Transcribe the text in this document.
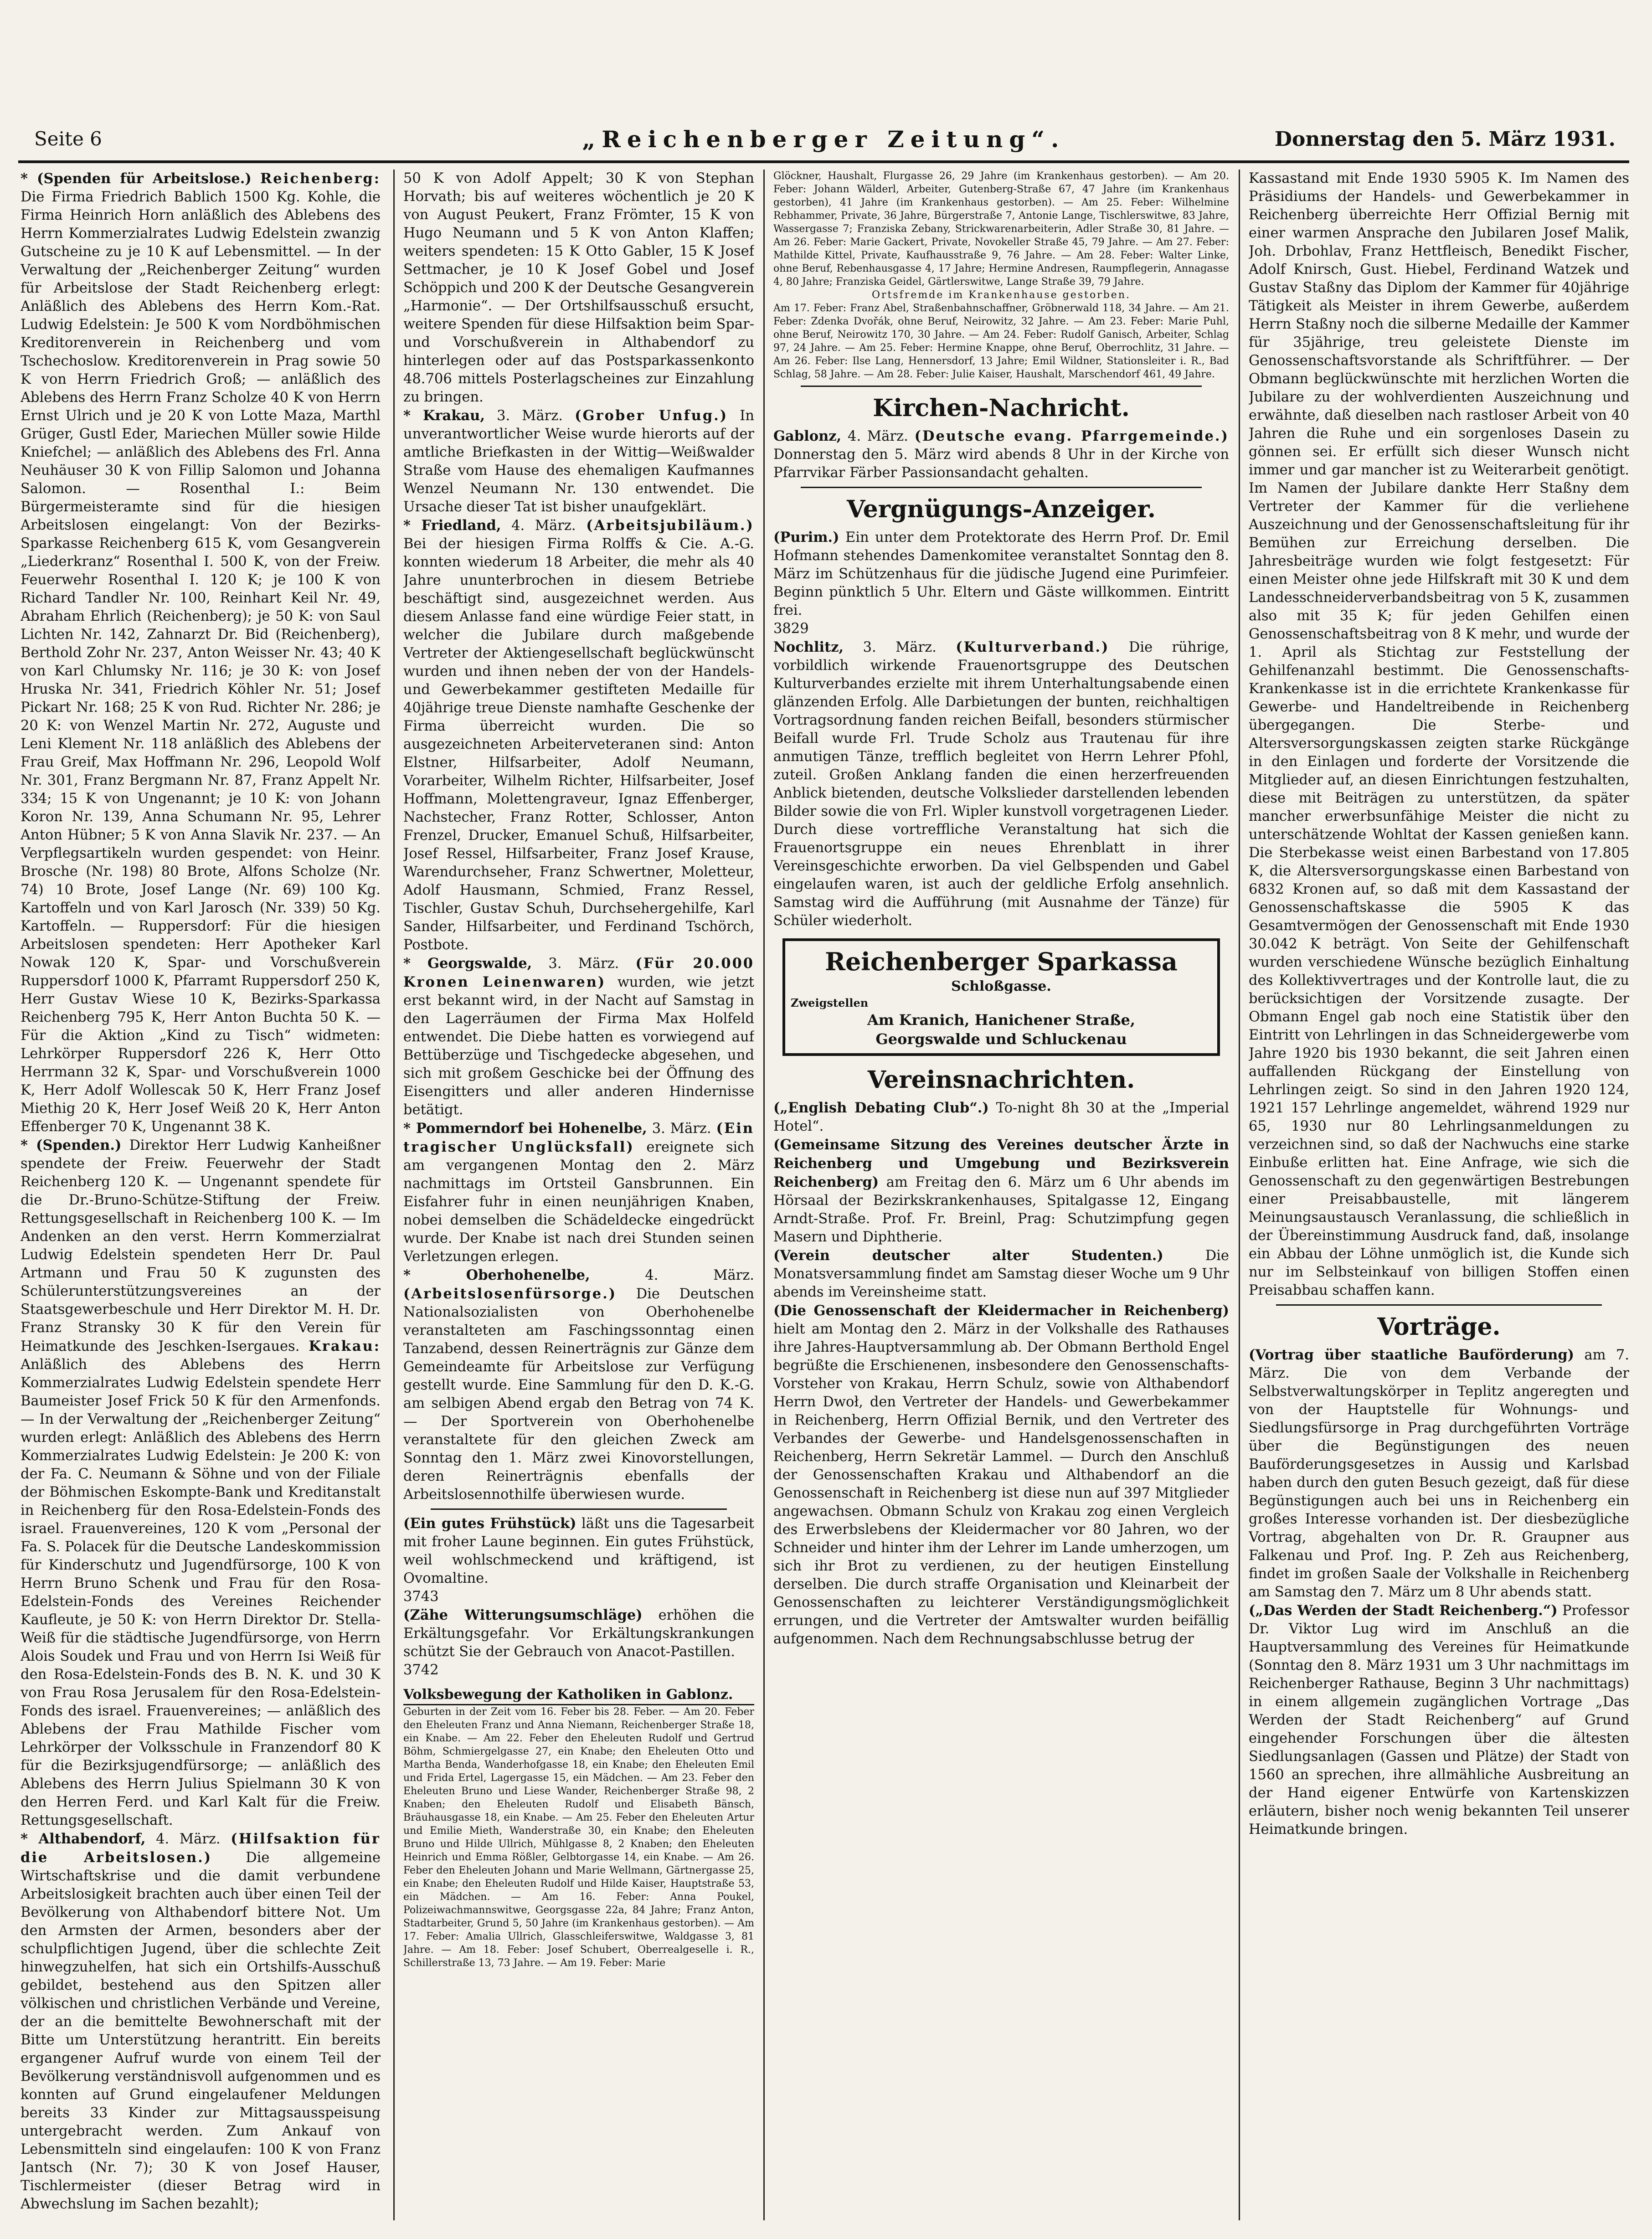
Seite 6	„Reichenberger Zeitung“.	Donnerstag den 5. März 1931.

* (Spenden für Arbeitslose.) Reichenberg: Die Firma Friedrich Bablich 1500 Kg. Kohle, die Firma Heinrich Horn anläßlich des Ablebens des Herrn Kommerzialrates Ludwig Edelstein zwanzig Gutscheine zu je 10 K auf Lebensmittel. — In der Verwaltung der „Reichenberger Zeitung“ wurden für Arbeitslose der Stadt Reichenberg erlegt: Anläßlich des Ablebens des Herrn Kom.-Rat. Ludwig Edelstein: Je 500 K vom Nordböhmischen Kreditorenverein in Reichenberg und vom Tschechoslow. Kreditorenverein in Prag sowie 50 K von Herrn Friedrich Groß; — anläßlich des Ablebens des Herrn Franz Scholze 40 K von Herrn Ernst Ulrich und je 20 K von Lotte Maza, Marthl Grüger, Gustl Eder, Mariechen Müller sowie Hilde Kniefchel; — anläßlich des Ablebens des Frl. Anna Neuhäuser 30 K von Fillip Salomon und Johanna Salomon. — Rosenthal I.: Beim Bürgermeisteramte sind für die hiesigen Arbeitslosen eingelangt: Von der Bezirks-Sparkasse Reichenberg 615 K, vom Gesangverein „Liederkranz“ Rosenthal I. 500 K, von der Freiw. Feuerwehr Rosenthal I. 120 K; je 100 K von Richard Tandler Nr. 100, Reinhart Keil Nr. 49, Abraham Ehrlich (Reichenberg); je 50 K: von Saul Lichten Nr. 142, Zahnarzt Dr. Bid (Reichenberg), Berthold Zohr Nr. 237, Anton Weisser Nr. 43; 40 K von Karl Chlumsky Nr. 116; je 30 K: von Josef Hruska Nr. 341, Friedrich Köhler Nr. 51; Josef Pickart Nr. 168; 25 K von Rud. Richter Nr. 286; je 20 K: von Wenzel Martin Nr. 272, Auguste und Leni Klement Nr. 118 anläßlich des Ablebens der Frau Greif, Max Hoffmann Nr. 296, Leopold Wolf Nr. 301, Franz Bergmann Nr. 87, Franz Appelt Nr. 334; 15 K von Ungenannt; je 10 K: von Johann Koron Nr. 139, Anna Schumann Nr. 95, Lehrer Anton Hübner; 5 K von Anna Slavik Nr. 237. — An Verpflegsartikeln wurden gespendet: von Heinr. Brosche (Nr. 198) 80 Brote, Alfons Scholze (Nr. 74) 10 Brote, Josef Lange (Nr. 69) 100 Kg. Kartoffeln und von Karl Jarosch (Nr. 339) 50 Kg. Kartoffeln. — Ruppersdorf: Für die hiesigen Arbeitslosen spendeten: Herr Apotheker Karl Nowak 120 K, Spar- und Vorschußverein Ruppersdorf 1000 K, Pfarramt Ruppersdorf 250 K, Herr Gustav Wiese 10 K, Bezirks-Sparkassa Reichenberg 795 K, Herr Anton Buchta 50 K. — Für die Aktion „Kind zu Tisch“ widmeten: Lehrkörper Ruppersdorf 226 K, Herr Otto Herrmann 32 K, Spar- und Vorschußverein 1000 K, Herr Adolf Wollescak 50 K, Herr Franz Josef Miethig 20 K, Herr Josef Weiß 20 K, Herr Anton Effenberger 70 K, Ungenannt 38 K.

* (Spenden.) Direktor Herr Ludwig Kanheißner spendete der Freiw. Feuerwehr der Stadt Reichenberg 120 K. — Ungenannt spendete für die Dr.-Bruno-Schütze-Stiftung der Freiw. Rettungsgesellschaft in Reichenberg 100 K. — Im Andenken an den verst. Herrn Kommerzialrat Ludwig Edelstein spendeten Herr Dr. Paul Artmann und Frau 50 K zugunsten des Schülerunterstützungsvereines an der Staatsgewerbeschule und Herr Direktor M. H. Dr. Franz Stransky 30 K für den Verein für Heimatkunde des Jeschken-Isergaues. Krakau: Anläßlich des Ablebens des Herrn Kommerzialrates Ludwig Edelstein spendete Herr Baumeister Josef Frick 50 K für den Armenfonds. — In der Verwaltung der „Reichenberger Zeitung“ wurden erlegt: Anläßlich des Ablebens des Herrn Kommerzialrates Ludwig Edelstein: Je 200 K: von der Fa. C. Neumann & Söhne und von der Filiale der Böhmischen Eskompte-Bank und Kreditanstalt in Reichenberg für den Rosa-Edelstein-Fonds des israel. Frauenvereines, 120 K vom „Personal der Fa. S. Polacek für die Deutsche Landeskommission für Kinderschutz und Jugendfürsorge, 100 K von Herrn Bruno Schenk und Frau für den Rosa-Edelstein-Fonds des Vereines Reichender Kaufleute, je 50 K: von Herrn Direktor Dr. Stella-Weiß für die städtische Jugendfürsorge, von Herrn Alois Soudek und Frau und von Herrn Isi Weiß für den Rosa-Edelstein-Fonds des B. N. K. und 30 K von Frau Rosa Jerusalem für den Rosa-Edelstein-Fonds des israel. Frauenvereines; — anläßlich des Ablebens der Frau Mathilde Fischer vom Lehrkörper der Volksschule in Franzendorf 80 K für die Bezirksjugendfürsorge; — anläßlich des Ablebens des Herrn Julius Spielmann 30 K von den Herren Ferd. und Karl Kalt für die Freiw. Rettungsgesellschaft.

* Althabendorf, 4. März. (Hilfsaktion für die Arbeitslosen.) Die allgemeine Wirtschaftskrise und die damit verbundene Arbeitslosigkeit brachten auch über einen Teil der Bevölkerung von Althabendorf bittere Not. Um den Armsten der Armen, besonders aber der schulpflichtigen Jugend, über die schlechte Zeit hinwegzuhelfen, hat sich ein Ortshilfs-Ausschuß gebildet, bestehend aus den Spitzen aller völkischen und christlichen Verbände und Vereine, der an die bemittelte Bewohnerschaft mit der Bitte um Unterstützung herantritt. Ein bereits ergangener Aufruf wurde von einem Teil der Bevölkerung verständnisvoll aufgenommen und es konnten auf Grund eingelaufener Meldungen bereits 33 Kinder zur Mittagsausspeisung untergebracht werden. Zum Ankauf von Lebensmitteln sind eingelaufen: 100 K von Franz Jantsch (Nr. 7); 30 K von Josef Hauser, Tischlermeister (dieser Betrag wird in Abwechslung im Sachen bezahlt);

50 K von Adolf Appelt; 30 K von Stephan Horvath; bis auf weiteres wöchentlich je 20 K von August Peukert, Franz Frömter, 15 K von Hugo Neumann und 5 K von Anton Klaffen; weiters spendeten: 15 K Otto Gabler, 15 K Josef Settmacher, je 10 K Josef Gobel und Josef Schöppich und 200 K der Deutsche Gesangverein „Harmonie“. — Der Ortshilfsausschuß ersucht, weitere Spenden für diese Hilfsaktion beim Spar- und Vorschußverein in Althabendorf zu hinterlegen oder auf das Postsparkassenkonto 48.706 mittels Posterlagscheines zur Einzahlung zu bringen.

* Krakau, 3. März. (Grober Unfug.) In unverantwortlicher Weise wurde hierorts auf der amtliche Briefkasten in der Wittig—Weißwalder Straße vom Hause des ehemaligen Kaufmannes Wenzel Neumann Nr. 130 entwendet. Die Ursache dieser Tat ist bisher unaufgeklärt.

* Friedland, 4. März. (Arbeitsjubiläum.) Bei der hiesigen Firma Rolffs & Cie. A.-G. konnten wiederum 18 Arbeiter, die mehr als 40 Jahre ununterbrochen in diesem Betriebe beschäftigt sind, ausgezeichnet werden. Aus diesem Anlasse fand eine würdige Feier statt, in welcher die Jubilare durch maßgebende Vertreter der Aktiengesellschaft beglückwünscht wurden und ihnen neben der von der Handels- und Gewerbekammer gestifteten Medaille für 40jährige treue Dienste namhafte Geschenke der Firma überreicht wurden. Die so ausgezeichneten Arbeiterveteranen sind: Anton Elstner, Hilfsarbeiter, Adolf Neumann, Vorarbeiter, Wilhelm Richter, Hilfsarbeiter, Josef Hoffmann, Molettengraveur, Ignaz Effenberger, Nachstecher, Franz Rotter, Schlosser, Anton Frenzel, Drucker, Emanuel Schuß, Hilfsarbeiter, Josef Ressel, Hilfsarbeiter, Franz Josef Krause, Warendurchseher, Franz Schwertner, Moletteur, Adolf Hausmann, Schmied, Franz Ressel, Tischler, Gustav Schuh, Durchsehergehilfe, Karl Sander, Hilfsarbeiter, und Ferdinand Tschörch, Postbote.

* Georgswalde, 3. März. (Für 20.000 Kronen Leinenwaren) wurden, wie jetzt erst bekannt wird, in der Nacht auf Samstag in den Lagerräumen der Firma Max Holfeld entwendet. Die Diebe hatten es vorwiegend auf Bettüberzüge und Tischgedecke abgesehen, und sich mit großem Geschicke bei der Öffnung des Eisengitters und aller anderen Hindernisse betätigt.

* Pommerndorf bei Hohenelbe, 3. März. (Ein tragischer Unglücksfall) ereignete sich am vergangenen Montag den 2. März nachmittags im Ortsteil Gansbrunnen. Ein Eisfahrer fuhr in einen neunjährigen Knaben, nobei demselben die Schädeldecke eingedrückt wurde. Der Knabe ist nach drei Stunden seinen Verletzungen erlegen.

* Oberhohenelbe,	4. März. (Arbeitslosenfürsorge.) Die Deutschen Nationalsozialisten von Oberhohenelbe veranstalteten am Faschingssonntag einen Tanzabend, dessen Reinerträgnis zur Gänze dem Gemeindeamte für Arbeitslose zur Verfügung gestellt wurde. Eine Sammlung für den D. K.-G. am selbigen Abend ergab den Betrag von 74 K. — Der Sportverein von Oberhohenelbe veranstaltete für den gleichen Zweck am Sonntag den 1. März zwei Kinovorstellungen, deren Reinerträgnis ebenfalls der Arbeitslosennothilfe überwiesen wurde.

(Ein gutes Frühstück) läßt uns die Tagesarbeit mit froher Laune beginnen. Ein gutes Frühstück, weil wohlschmeckend und kräftigend, ist Ovomaltine.

3743

(Zähe Witterungsumschläge) erhöhen die Erkältungsgefahr. Vor Erkältungskrankungen schützt Sie der Gebrauch von Anacot-Pastillen.

3742

Volksbewegung der Katholiken in Gablonz.

Geburten in der Zeit vom 16. Feber bis 28. Feber. — Am 20. Feber den Eheleuten Franz und Anna Niemann, Reichenberger Straße 18, ein Knabe. — Am 22. Feber den Eheleuten Rudolf und Gertrud Böhm, Schmiergelgasse 27, ein Knabe; den Eheleuten Otto und Martha Benda, Wanderhofgasse 18, ein Knabe; den Eheleuten Emil und Frida Ertel, Lagergasse 15, ein Mädchen. — Am 23. Feber den Eheleuten Bruno und Liese Wander, Reichenberger Straße 98, 2 Knaben; den Eheleuten Rudolf und Elisabeth Bänsch, Bräuhausgasse 18, ein Knabe. — Am 25. Feber den Eheleuten Artur und Emilie Mieth, Wanderstraße 30, ein Knabe; den Eheleuten Bruno und Hilde Ullrich, Mühlgasse 8, 2 Knaben; den Eheleuten Heinrich und Emma Rößler, Gelbtorgasse 14, ein Knabe. — Am 26. Feber den Eheleuten Johann und Marie Wellmann, Gärtnergasse 25, ein Knabe; den Eheleuten Rudolf und Hilde Kaiser, Hauptstraße 53, ein Mädchen. — Am 16. Feber: Anna Poukel, Polizeiwachmannswitwe, Georgsgasse 22a, 84 Jahre; Franz Anton, Stadtarbeiter, Grund 5, 50 Jahre (im Krankenhaus gestorben). — Am 17. Feber: Amalia Ullrich, Glasschleiferswitwe, Waldgasse 3, 81 Jahre. — Am 18. Feber: Josef Schubert, Oberrealgeselle i. R., Schillerstraße 13, 73 Jahre. — Am 19. Feber: Marie

Glöckner, Haushalt, Flurgasse 26, 29 Jahre (im Krankenhaus gestorben). — Am 20. Feber: Johann Wälderl, Arbeiter, Gutenberg-Straße 67, 47 Jahre (im Krankenhaus gestorben), 41 Jahre (im Krankenhaus gestorben). — Am 25. Feber: Wilhelmine Rebhammer, Private, 36 Jahre, Bürgerstraße 7, Antonie Lange, Tischlerswitwe, 83 Jahre, Wassergasse 7; Franziska Zebany, Strickwarenarbeiterin, Adler Straße 30, 81 Jahre. — Am 26. Feber: Marie Gackert, Private, Novokeller Straße 45, 79 Jahre. — Am 27. Feber: Mathilde Kittel, Private, Kaufhausstraße 9, 76 Jahre. — Am 28. Feber: Walter Linke, ohne Beruf, Rebenhausgasse 4, 17 Jahre; Hermine Andresen, Raumpflegerin, Annagasse 4, 80 Jahre; Franziska Geidel, Gärtlerswitwe, Lange Straße 39, 79 Jahre.

Ortsfremde im Krankenhause gestorben.

Am 17. Feber: Franz Abel, Straßenbahnschaffner, Gröbnerwald 118, 34 Jahre. — Am 21. Feber: Zdenka Dvořák, ohne Beruf, Neirowitz, 32 Jahre. — Am 23. Feber: Marie Puhl, ohne Beruf, Neirowitz 170, 30 Jahre. — Am 24. Feber: Rudolf Ganisch, Arbeiter, Schlag 97, 24 Jahre. — Am 25. Feber: Hermine Knappe, ohne Beruf, Oberrochlitz, 31 Jahre. — Am 26. Feber: Ilse Lang, Hennersdorf, 13 Jahre; Emil Wildner, Stationsleiter i. R., Bad Schlag, 58 Jahre. — Am 28. Feber: Julie Kaiser, Haushalt, Marschendorf 461, 49 Jahre.

Kirchen-Nachricht.

Gablonz, 4. März. (Deutsche evang. Pfarrgemeinde.) Donnerstag den 5. März wird abends 8 Uhr in der Kirche von Pfarrvikar Färber Passionsandacht gehalten.

Vergnügungs-Anzeiger.

(Purim.) Ein unter dem Protektorate des Herrn Prof. Dr. Emil Hofmann stehendes Damenkomitee veranstaltet Sonntag den 8. März im Schützenhaus für die jüdische Jugend eine Purimfeier. Beginn pünktlich 5 Uhr. Eltern und Gäste willkommen. Eintritt frei.

3829

Nochlitz, 3. März. (Kulturverband.) Die rührige, vorbildlich wirkende Frauenortsgruppe des Deutschen Kulturverbandes erzielte mit ihrem Unterhaltungsabende einen glänzenden Erfolg. Alle Darbietungen der bunten, reichhaltigen Vortragsordnung fanden reichen Beifall, besonders stürmischer Beifall wurde Frl. Trude Scholz aus Trautenau für ihre anmutigen Tänze, trefflich begleitet von Herrn Lehrer Pfohl, zuteil. Großen Anklang fanden die einen herzerfreuenden Anblick bietenden, deutsche Volkslieder darstellenden lebenden Bilder sowie die von Frl. Wipler kunstvoll vorgetragenen Lieder. Durch diese vortreffliche Veranstaltung hat sich die Frauenortsgruppe ein neues Ehrenblatt in ihrer Vereinsgeschichte erworben. Da viel Gelbspenden und Gabel eingelaufen waren, ist auch der geldliche Erfolg ansehnlich. Samstag wird die Aufführung (mit Ausnahme der Tänze) für Schüler wiederholt.

Reichenberger Sparkassa
Schloßgasse.
Zweigstellen
Am Kranich, Hanichener Straße,
Georgswalde und Schluckenau
Vereinsnachrichten.

(„English Debating Club“.) To-night 8h 30 at the „Imperial Hotel“.

(Gemeinsame Sitzung des Vereines deutscher Ärzte in Reichenberg und Umgebung und Bezirksverein Reichenberg) am Freitag den 6. März um 6 Uhr abends im Hörsaal der Bezirkskrankenhauses, Spitalgasse 12, Eingang Arndt-Straße. Prof. Fr. Breinl, Prag: Schutzimpfung gegen Masern und Diphtherie.

(Verein deutscher alter Studenten.)	Die Monatsversammlung findet am Samstag dieser Woche um 9 Uhr abends im Vereinsheime statt.

(Die Genossenschaft der Kleidermacher in Reichenberg) hielt am Montag den 2. März in der Volkshalle des Rathauses ihre Jahres-Hauptversammlung ab. Der Obmann Berthold Engel begrüßte die Erschienenen, insbesondere den Genossenschafts-Vorsteher von Krakau, Herrn Schulz, sowie von Althabendorf Herrn Dwoł, den Vertreter der Handels- und Gewerbekammer in Reichenberg, Herrn Offizial Bernik, und den Vertreter des Verbandes der Gewerbe- und Handelsgenossenschaften in Reichenberg, Herrn Sekretär Lammel. — Durch den Anschluß der Genossenschaften Krakau und Althabendorf an die Genossenschaft in Reichenberg ist diese nun auf 397 Mitglieder angewachsen. Obmann Schulz von Krakau zog einen Vergleich des Erwerbslebens der Kleidermacher vor 80 Jahren, wo der Schneider und hinter ihm der Lehrer im Lande umherzogen, um sich ihr Brot zu verdienen, zu der heutigen Einstellung derselben. Die durch straffe Organisation und Kleinarbeit der Genossenschaften zu leichterer Verständigungsmöglichkeit errungen, und die Vertreter der Amtswalter wurden beifällig aufgenommen. Nach dem Rechnungsabschlusse betrug der

Kassastand mit Ende 1930 5905 K. Im Namen des Präsidiums der Handels- und Gewerbekammer in Reichenberg überreichte Herr Offizial Bernig mit einer warmen Ansprache den Jubilaren Josef Malik, Joh. Drbohlav, Franz Hettfleisch, Benedikt Fischer, Adolf Knirsch, Gust. Hiebel, Ferdinand Watzek und Gustav Staßny das Diplom der Kammer für 40jährige Tätigkeit als Meister in ihrem Gewerbe, außerdem Herrn Staßny noch die silberne Medaille der Kammer für 35jährige, treu geleistete Dienste im Genossenschaftsvorstande als Schriftführer. — Der Obmann beglückwünschte mit herzlichen Worten die Jubilare zu der wohlverdienten Auszeichnung und erwähnte, daß dieselben nach rastloser Arbeit von 40 Jahren die Ruhe und ein sorgenloses Dasein zu gönnen sei. Er erfüllt sich dieser Wunsch nicht immer und gar mancher ist zu Weiterarbeit genötigt. Im Namen der Jubilare dankte Herr Staßny dem Vertreter der Kammer für die verliehene Auszeichnung und der Genossenschaftsleitung für ihr Bemühen zur Erreichung derselben. Die Jahresbeiträge wurden wie folgt festgesetzt: Für einen Meister ohne jede Hilfskraft mit 30 K und dem Landesschneiderverbandsbeitrag von 5 K, zusammen also mit 35 K; für jeden Gehilfen einen Genossenschaftsbeitrag von 8 K mehr, und wurde der 1. April als Stichtag zur Feststellung der Gehilfenanzahl bestimmt. Die Genossenschafts-Krankenkasse ist in die errichtete Krankenkasse für Gewerbe- und Handeltreibende in Reichenberg übergegangen. Die Sterbe- und Altersversorgungskassen zeigten starke Rückgänge in den Einlagen und forderte der Vorsitzende die Mitglieder auf, an diesen Einrichtungen festzuhalten, diese mit Beiträgen zu unterstützen, da später mancher erwerbsunfähige Meister die nicht zu unterschätzende Wohltat der Kassen genießen kann. Die Sterbekasse weist einen Barbestand von 17.805 K, die Altersversorgungskasse einen Barbestand von 6832 Kronen auf, so daß mit dem Kassastand der Genossenschaftskasse die 5905 K das Gesamtvermögen der Genossenschaft mit Ende 1930 30.042 K beträgt. Von Seite der Gehilfenschaft wurden verschiedene Wünsche bezüglich Einhaltung des Kollektivvertrages und der Kontrolle laut, die zu berücksichtigen der Vorsitzende zusagte. Der Obmann Engel gab noch eine Statistik über den Eintritt von Lehrlingen in das Schneidergewerbe vom Jahre 1920 bis 1930 bekannt, die seit Jahren einen auffallenden Rückgang der Einstellung von Lehrlingen zeigt. So sind in den Jahren 1920 124, 1921 157 Lehrlinge angemeldet, während 1929 nur 65, 1930 nur 80 Lehrlingsanmeldungen zu verzeichnen sind, so daß der Nachwuchs eine starke Einbuße erlitten hat. Eine Anfrage, wie sich die Genossenschaft zu den gegenwärtigen Bestrebungen einer Preisabbaustelle, mit längerem Meinungsaustausch Veranlassung, die schließlich in der Übereinstimmung Ausdruck fand, daß, insolange ein Abbau der Löhne unmöglich ist, die Kunde sich nur im Selbsteinkauf von billigen Stoffen einen Preisabbau schaffen kann.

Vorträge.

(Vortrag über staatliche Bauförderung) am 7. März. Die von dem Verbande der Selbstverwaltungskörper in Teplitz angeregten und von der Hauptstelle für Wohnungs- und Siedlungsfürsorge in Prag durchgeführten Vorträge über die Begünstigungen des neuen Bauförderungsgesetzes in Aussig und Karlsbad haben durch den guten Besuch gezeigt, daß für diese Begünstigungen auch bei uns in Reichenberg ein großes Interesse vorhanden ist. Der diesbezügliche Vortrag, abgehalten von Dr. R. Graupner aus Falkenau und Prof. Ing. P. Zeh aus Reichenberg, findet im großen Saale der Volkshalle in Reichenberg am Samstag den 7. März um 8 Uhr abends statt.

(„Das Werden der Stadt Reichenberg.“) Professor Dr. Viktor Lug wird im Anschluß an die Hauptversammlung des Vereines für Heimatkunde (Sonntag den 8. März 1931 um 3 Uhr nachmittags im Reichenberger Rathause, Beginn 3 Uhr nachmittags) in einem allgemein zugänglichen Vortrage „Das Werden der Stadt Reichenberg“ auf Grund eingehender Forschungen über die ältesten Siedlungsanlagen (Gassen und Plätze) der Stadt von 1560 an sprechen, ihre allmähliche Ausbreitung an der Hand eigener Entwürfe von Kartenskizzen erläutern, bisher noch wenig bekannten Teil unserer Heimatkunde bringen.
